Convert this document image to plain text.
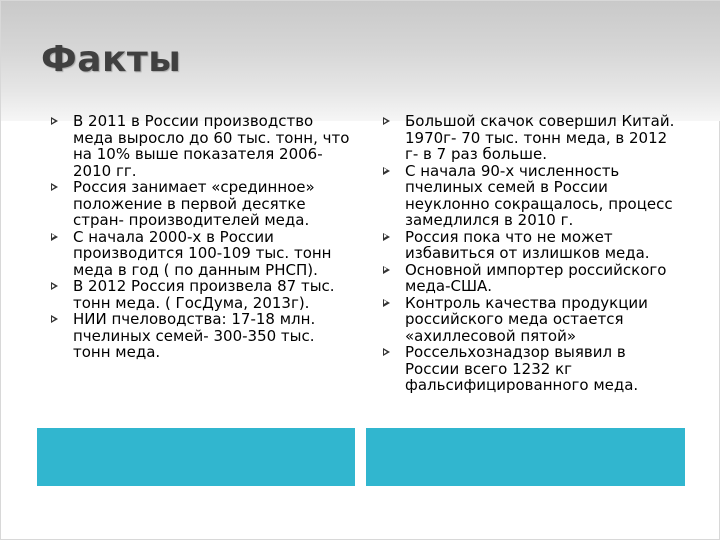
Факты
В 2011 в России производство меда выросло до 60 тыс. тонн, что на 10% выше показателя 2006-2010 гг.
Россия занимает «срединное» положение в первой десятке стран- производителей меда.
С начала 2000-х в России производится 100-109 тыс. тонн меда в год ( по данным РНСП).
В 2012 Россия произвела 87 тыс. тонн меда. ( ГосДума, 2013г).
НИИ пчеловодства: 17-18 млн. пчелиных семей- 300-350 тыс. тонн меда.
Большой скачок совершил Китай. 1970г- 70 тыс. тонн меда, в 2012 г- в 7 раз больше.
С начала 90-х численность пчелиных семей в России неуклонно сокращалось, процесс замедлился в 2010 г.
Россия пока что не может избавиться от излишков меда.
Основной импортер российского меда-США.
Контроль качества продукции российского меда остается «ахиллесовой пятой»
Россельхознадзор выявил в России всего 1232 кг фальсифицированного меда.
